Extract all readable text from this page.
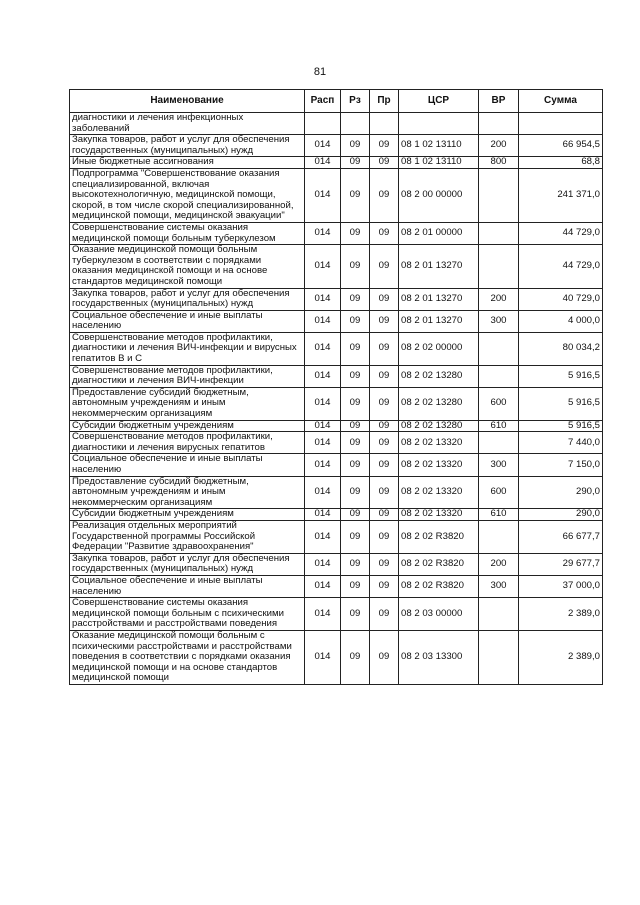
81
Наименование	Расп	Рз	Пр	ЦСР	ВР	Сумма
диагностики и лечения инфекционных заболеваний						
Закупка товаров, работ и услуг для обеспечения государственных (муниципальных) нужд	014	09	09	08 1 02 13110	200	66 954,5
Иные бюджетные ассигнования	014	09	09	08 1 02 13110	800	68,8
Подпрограмма "Совершенствование оказания специализированной, включая высокотехнологичную, медицинской помощи, скорой, в том числе скорой специализированной, медицинской помощи, медицинской эвакуации"	014	09	09	08 2 00 00000		241 371,0
Совершенствование системы оказания медицинской помощи больным туберкулезом	014	09	09	08 2 01 00000		44 729,0
Оказание медицинской помощи больным туберкулезом в соответствии с порядками оказания медицинской помощи и на основе стандартов медицинской помощи	014	09	09	08 2 01 13270		44 729,0
Закупка товаров, работ и услуг для обеспечения государственных (муниципальных) нужд	014	09	09	08 2 01 13270	200	40 729,0
Социальное обеспечение и иные выплаты населению	014	09	09	08 2 01 13270	300	4 000,0
Совершенствование методов профилактики, диагностики и лечения ВИЧ-инфекции и вирусных гепатитов В и С	014	09	09	08 2 02 00000		80 034,2
Совершенствование методов профилактики, диагностики и лечения ВИЧ-инфекции	014	09	09	08 2 02 13280		5 916,5
Предоставление субсидий бюджетным, автономным учреждениям и иным некоммерческим организациям	014	09	09	08 2 02 13280	600	5 916,5
Субсидии бюджетным учреждениям	014	09	09	08 2 02 13280	610	5 916,5
Совершенствование методов профилактики, диагностики и лечения вирусных гепатитов	014	09	09	08 2 02 13320		7 440,0
Социальное обеспечение и иные выплаты населению	014	09	09	08 2 02 13320	300	7 150,0
Предоставление субсидий бюджетным, автономным учреждениям и иным некоммерческим организациям	014	09	09	08 2 02 13320	600	290,0
Субсидии бюджетным учреждениям	014	09	09	08 2 02 13320	610	290,0
Реализация отдельных мероприятий Государственной программы Российской Федерации "Развитие здравоохранения"	014	09	09	08 2 02 R3820		66 677,7
Закупка товаров, работ и услуг для обеспечения государственных (муниципальных) нужд	014	09	09	08 2 02 R3820	200	29 677,7
Социальное обеспечение и иные выплаты населению	014	09	09	08 2 02 R3820	300	37 000,0
Совершенствование системы оказания медицинской помощи больным с психическими расстройствами и расстройствами поведения	014	09	09	08 2 03 00000		2 389,0
Оказание медицинской помощи больным с психическими расстройствами и расстройствами поведения в соответствии с порядками оказания медицинской помощи и на основе стандартов медицинской помощи	014	09	09	08 2 03 13300		2 389,0
